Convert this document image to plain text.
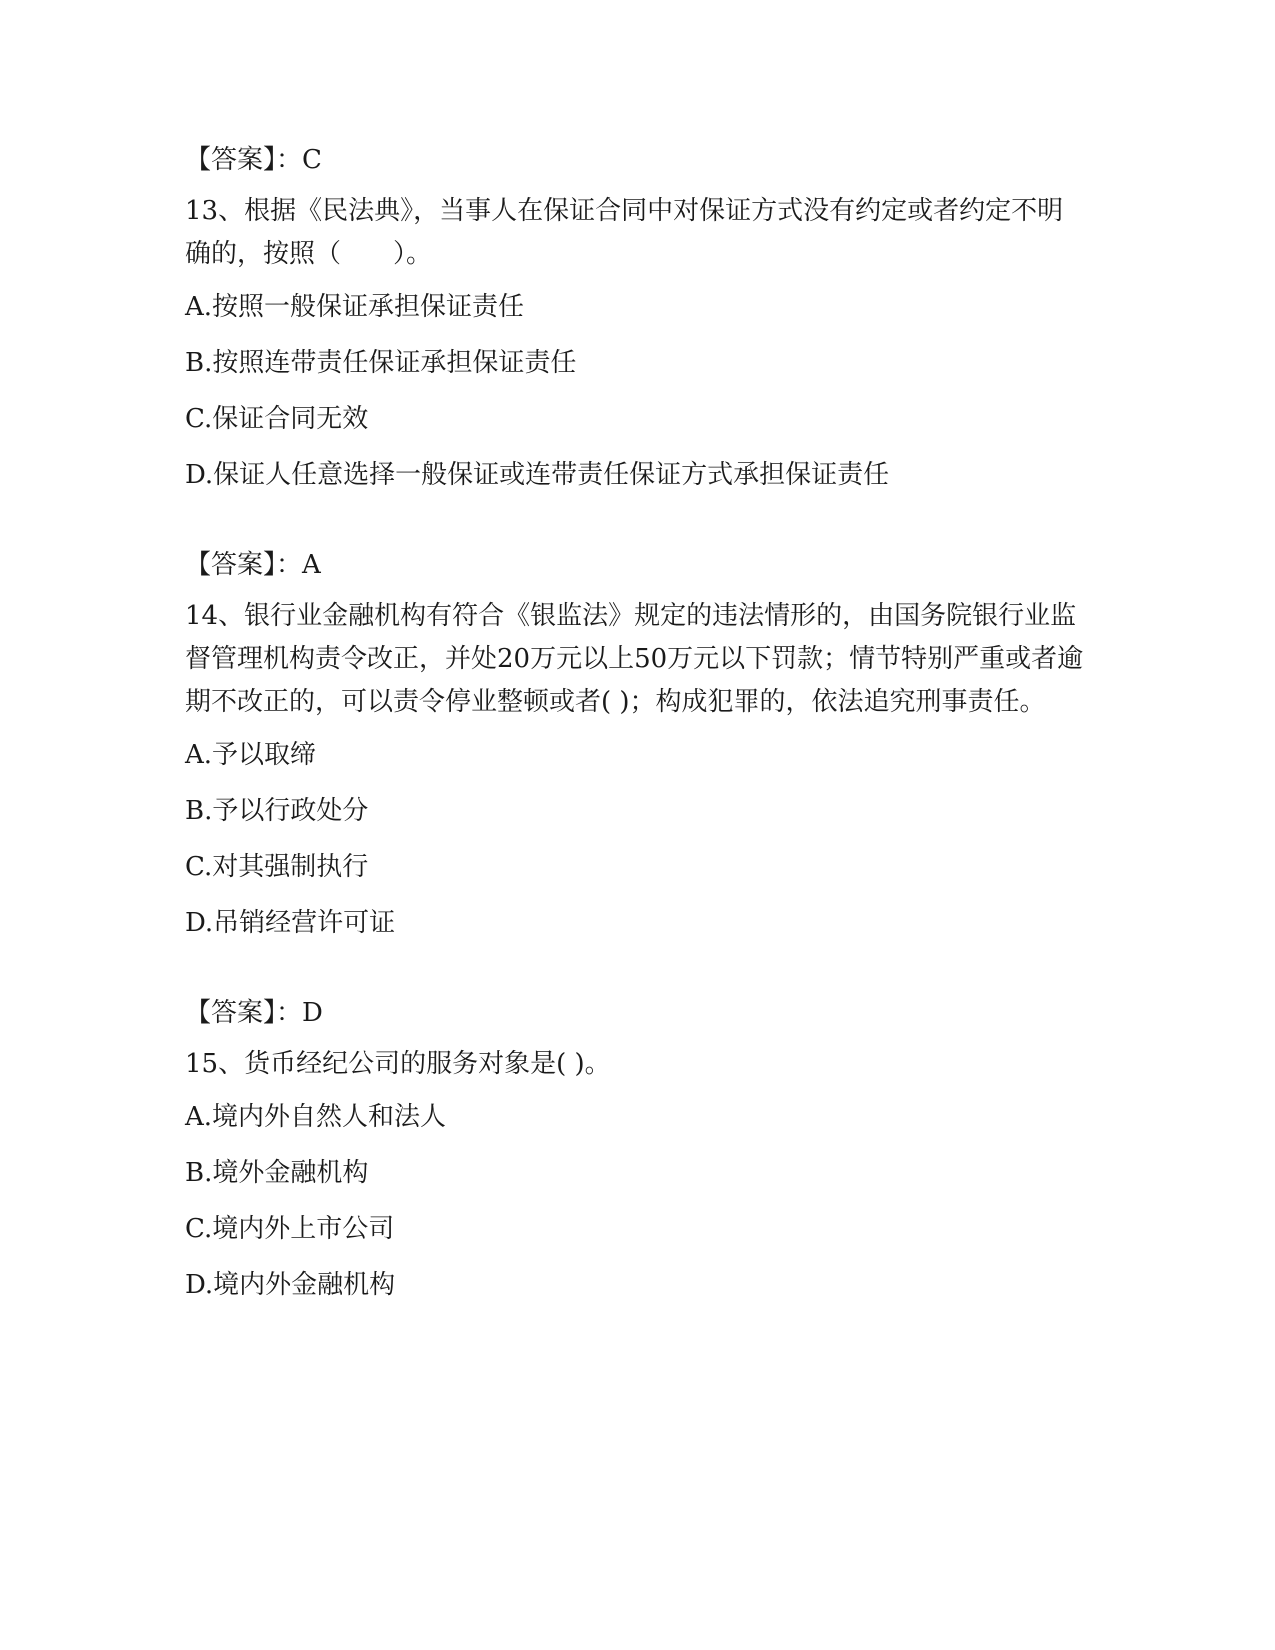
【答案】：C

13、根据《民法典》，当事人在保证合同中对保证方式没有约定或者约定不明确的，按照（　　）。

A.按照一般保证承担保证责任

B.按照连带责任保证承担保证责任

C.保证合同无效

D.保证人任意选择一般保证或连带责任保证方式承担保证责任

【答案】：A

14、银行业金融机构有符合《银监法》规定的违法情形的，由国务院银行业监督管理机构责令改正，并处20万元以上50万元以下罚款；情节特别严重或者逾期不改正的，可以责令停业整顿或者( )；构成犯罪的，依法追究刑事责任。

A.予以取缔

B.予以行政处分

C.对其强制执行

D.吊销经营许可证

【答案】：D

15、货币经纪公司的服务对象是( )。

A.境内外自然人和法人

B.境外金融机构

C.境内外上市公司

D.境内外金融机构
